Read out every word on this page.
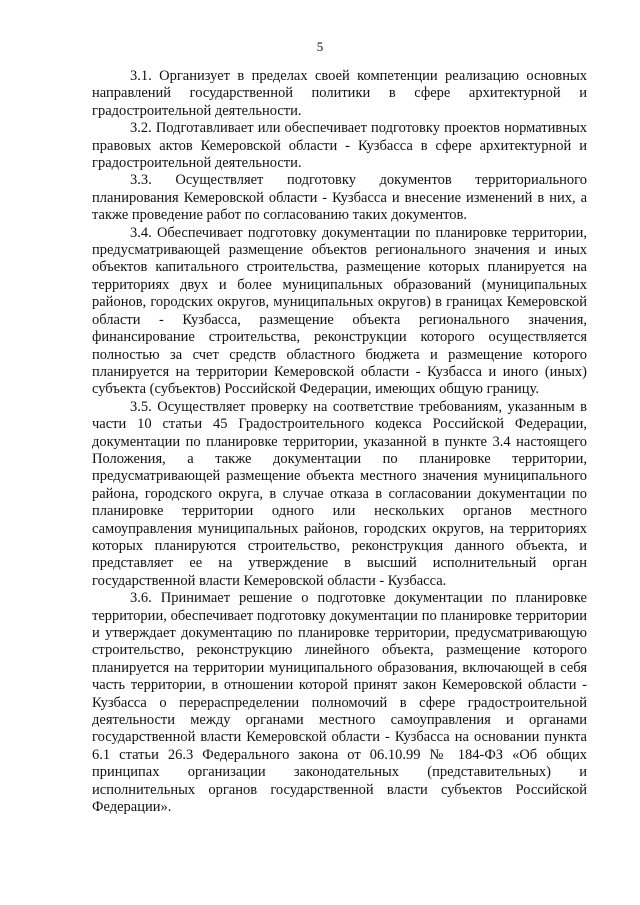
5

3.1. Организует в пределах своей компетенции реализацию основных направлений государственной политики в сфере архитектурной и градостроительной деятельности.

3.2. Подготавливает или обеспечивает подготовку проектов нормативных правовых актов Кемеровской области - Кузбасса в сфере архитектурной и градостроительной деятельности.

3.3. Осуществляет подготовку документов территориального планирования Кемеровской области - Кузбасса и внесение изменений в них, а также проведение работ по согласованию таких документов.

3.4. Обеспечивает подготовку документации по планировке территории, предусматривающей размещение объектов регионального значения и иных объектов капитального строительства, размещение которых планируется на территориях двух и более муниципальных образований (муниципальных районов, городских округов, муниципальных округов) в границах Кемеровской области - Кузбасса, размещение объекта регионального значения, финансирование строительства, реконструкции которого осуществляется полностью за счет средств областного бюджета и размещение которого планируется на территории Кемеровской области - Кузбасса и иного (иных) субъекта (субъектов) Российской Федерации, имеющих общую границу.

3.5. Осуществляет проверку на соответствие требованиям, указанным в части 10 статьи 45 Градостроительного кодекса Российской Федерации, документации по планировке территории, указанной в пункте 3.4 настоящего Положения, а также документации по планировке территории, предусматривающей размещение объекта местного значения муниципального района, городского округа, в случае отказа в согласовании документации по планировке территории одного или нескольких органов местного самоуправления муниципальных районов, городских округов, на территориях которых планируются строительство, реконструкция данного объекта, и представляет ее на утверждение в высший исполнительный орган государственной власти Кемеровской области - Кузбасса.

3.6. Принимает решение о подготовке документации по планировке территории, обеспечивает подготовку документации по планировке территории и утверждает документацию по планировке территории, предусматривающую строительство, реконструкцию линейного объекта, размещение которого планируется на территории муниципального образования, включающей в себя часть территории, в отношении которой принят закон Кемеровской области - Кузбасса о перераспределении полномочий в сфере градостроительной деятельности между органами местного самоуправления и органами государственной власти Кемеровской области - Кузбасса на основании пункта 6.1 статьи 26.3 Федерального закона от 06.10.99 № 184-ФЗ «Об общих принципах организации законодательных (представительных) и исполнительных органов государственной власти субъектов Российской Федерации».
